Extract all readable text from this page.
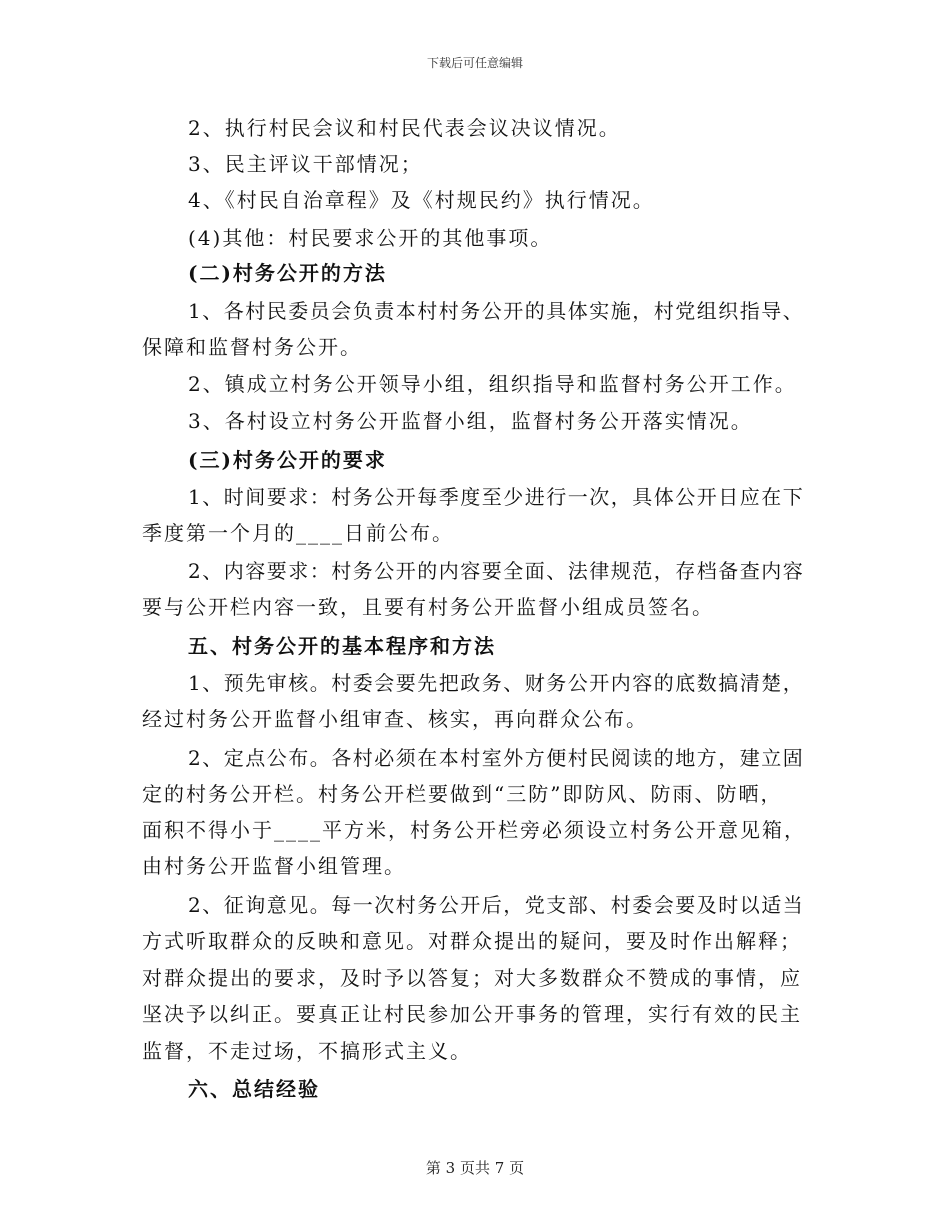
下载后可任意编辑
2、执行村民会议和村民代表会议决议情况。
3、民主评议干部情况；
4、《村民自治章程》及《村规民约》执行情况。
(4)其他：村民要求公开的其他事项。
(二)村务公开的方法
1、各村民委员会负责本村村务公开的具体实施，村党组织指导、
保障和监督村务公开。
2、镇成立村务公开领导小组，组织指导和监督村务公开工作。
3、各村设立村务公开监督小组，监督村务公开落实情况。
(三)村务公开的要求
1、时间要求：村务公开每季度至少进行一次，具体公开日应在下
季度第一个月的____日前公布。
2、内容要求：村务公开的内容要全面、法律规范，存档备查内容
要与公开栏内容一致，且要有村务公开监督小组成员签名。
五、村务公开的基本程序和方法
1、预先审核。村委会要先把政务、财务公开内容的底数搞清楚，
经过村务公开监督小组审查、核实，再向群众公布。
2、定点公布。各村必须在本村室外方便村民阅读的地方，建立固
定的村务公开栏。村务公开栏要做到“三防”即防风、防雨、防晒，
面积不得小于____平方米，村务公开栏旁必须设立村务公开意见箱，
由村务公开监督小组管理。
2、征询意见。每一次村务公开后，党支部、村委会要及时以适当
方式听取群众的反映和意见。对群众提出的疑问，要及时作出解释；
对群众提出的要求，及时予以答复；对大多数群众不赞成的事情，应
坚决予以纠正。要真正让村民参加公开事务的管理，实行有效的民主
监督，不走过场，不搞形式主义。
六、总结经验
第 3 页共 7 页
